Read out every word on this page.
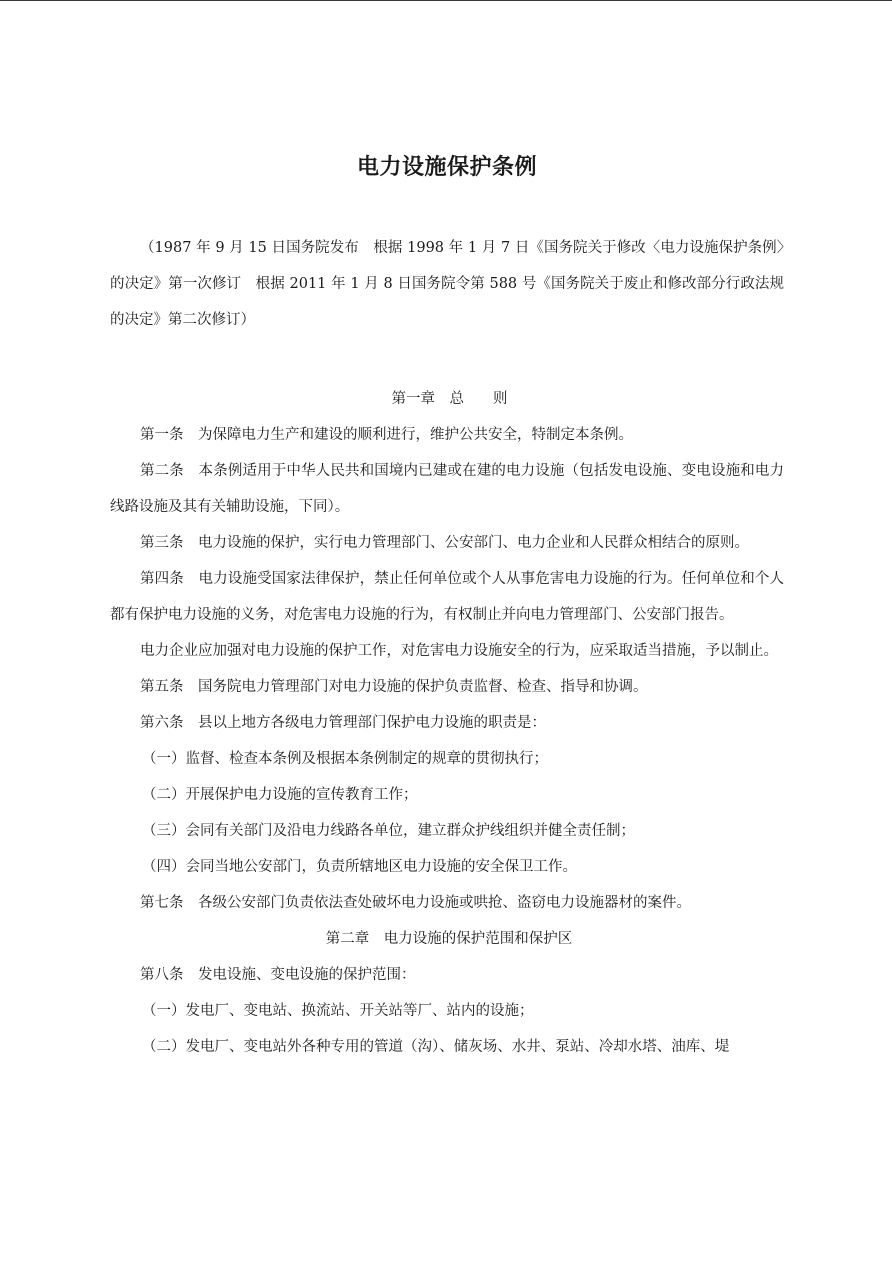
电力设施保护条例
（1987 年 9 月 15 日国务院发布　根据 1998 年 1 月 7 日《国务院关于修改〈电力设施保护条例〉的决定》第一次修订　根据 2011 年 1 月 8 日国务院令第 588 号《国务院关于废止和修改部分行政法规的决定》第二次修订）

第一章　总　　则

第一条　为保障电力生产和建设的顺利进行，维护公共安全，特制定本条例。

第二条　本条例适用于中华人民共和国境内已建或在建的电力设施（包括发电设施、变电设施和电力线路设施及其有关辅助设施，下同）。

第三条　电力设施的保护，实行电力管理部门、公安部门、电力企业和人民群众相结合的原则。

第四条　电力设施受国家法律保护，禁止任何单位或个人从事危害电力设施的行为。任何单位和个人都有保护电力设施的义务，对危害电力设施的行为，有权制止并向电力管理部门、公安部门报告。

电力企业应加强对电力设施的保护工作，对危害电力设施安全的行为，应采取适当措施，予以制止。

第五条　国务院电力管理部门对电力设施的保护负责监督、检查、指导和协调。

第六条　县以上地方各级电力管理部门保护电力设施的职责是：

（一）监督、检查本条例及根据本条例制定的规章的贯彻执行；

（二）开展保护电力设施的宣传教育工作；

（三）会同有关部门及沿电力线路各单位，建立群众护线组织并健全责任制；

（四）会同当地公安部门，负责所辖地区电力设施的安全保卫工作。

第七条　各级公安部门负责依法查处破坏电力设施或哄抢、盗窃电力设施器材的案件。

第二章　电力设施的保护范围和保护区

第八条　发电设施、变电设施的保护范围：

（一）发电厂、变电站、换流站、开关站等厂、站内的设施；

（二）发电厂、变电站外各种专用的管道（沟）、储灰场、水井、泵站、冷却水塔、油库、堤
